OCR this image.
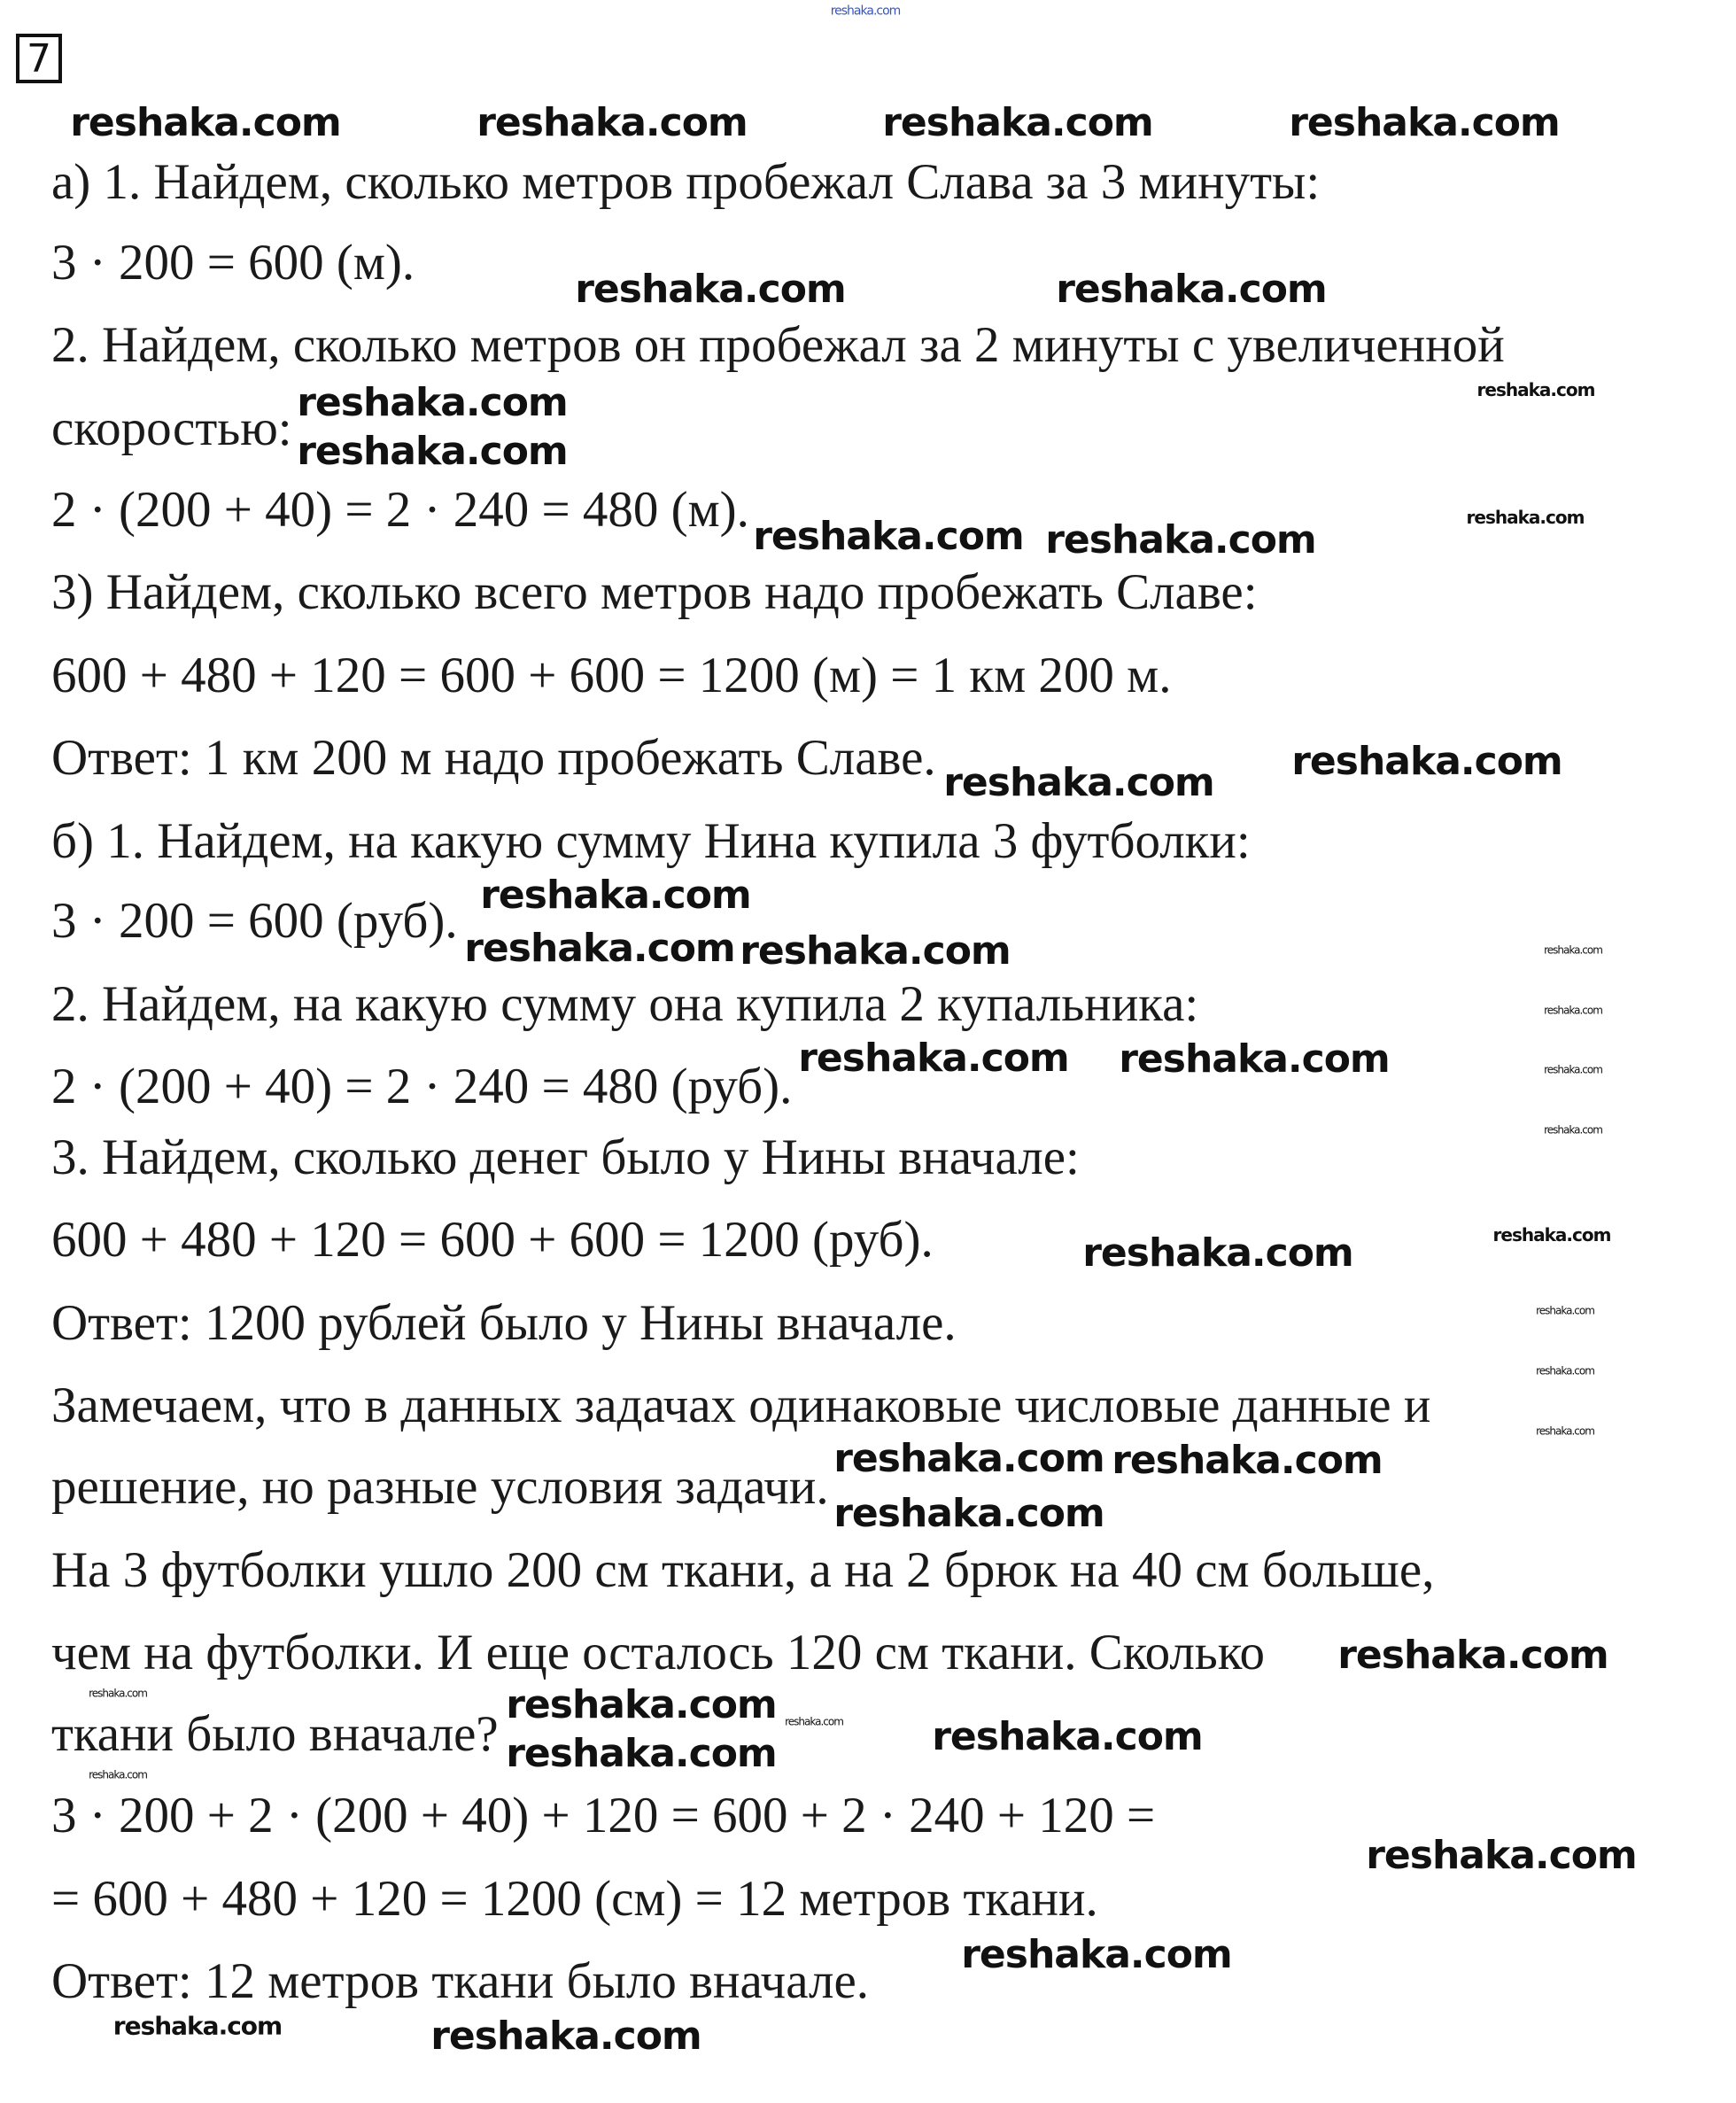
7
а) 1. Найдем, сколько метров пробежал Слава за 3 минуты:
3 · 200 = 600 (м).
2. Найдем, сколько метров он пробежал за 2 минуты с увеличенной
скоростью:
2 · (200 + 40) = 2 · 240 = 480 (м).
3) Найдем, сколько всего метров надо пробежать Славе:
600 + 480 + 120 = 600 + 600 = 1200 (м) = 1 км 200 м.
Ответ: 1 км 200 м надо пробежать Славе.
б) 1. Найдем, на какую сумму Нина купила 3 футболки:
3 · 200 = 600 (руб).
2. Найдем, на какую сумму она купила 2 купальника:
2 · (200 + 40) = 2 · 240 = 480 (руб).
3. Найдем, сколько денег было у Нины вначале:
600 + 480 + 120 = 600 + 600 = 1200 (руб).
Ответ: 1200 рублей было у Нины вначале.
Замечаем, что в данных задачах одинаковые числовые данные и
решение, но разные условия задачи.
На 3 футболки ушло 200 см ткани, а на 2 брюк на 40 см больше,
чем на футболки. И еще осталось 120 см ткани. Сколько
ткани было вначале?
3 · 200 + 2 · (200 + 40) + 120 = 600 + 2 · 240 + 120 =
= 600 + 480 + 120 = 1200 (см) = 12 метров ткани.
Ответ: 12 метров ткани было вначале.
reshaka.com
reshaka.com	reshaka.com	reshaka.com	reshaka.com
reshaka.com
reshaka.com	reshaka.com
reshaka.com
reshaka.com
reshaka.com
reshaka.com reshaka.com
reshaka.com
reshaka.com
reshaka.com
reshaka.com
reshaka.com reshaka.com
reshaka.com
reshaka.com
reshaka.com
reshaka.com
reshaka.com
reshaka.com
reshaka.com
reshaka.com
reshaka.com
reshaka.com
reshaka.com
reshaka.com
reshaka.com
reshaka.com
reshaka.com
reshaka.com	reshaka.com
reshaka.com
reshaka.com
reshaka.com
reshaka.com
reshaka.com	reshaka.com
reshaka.com
